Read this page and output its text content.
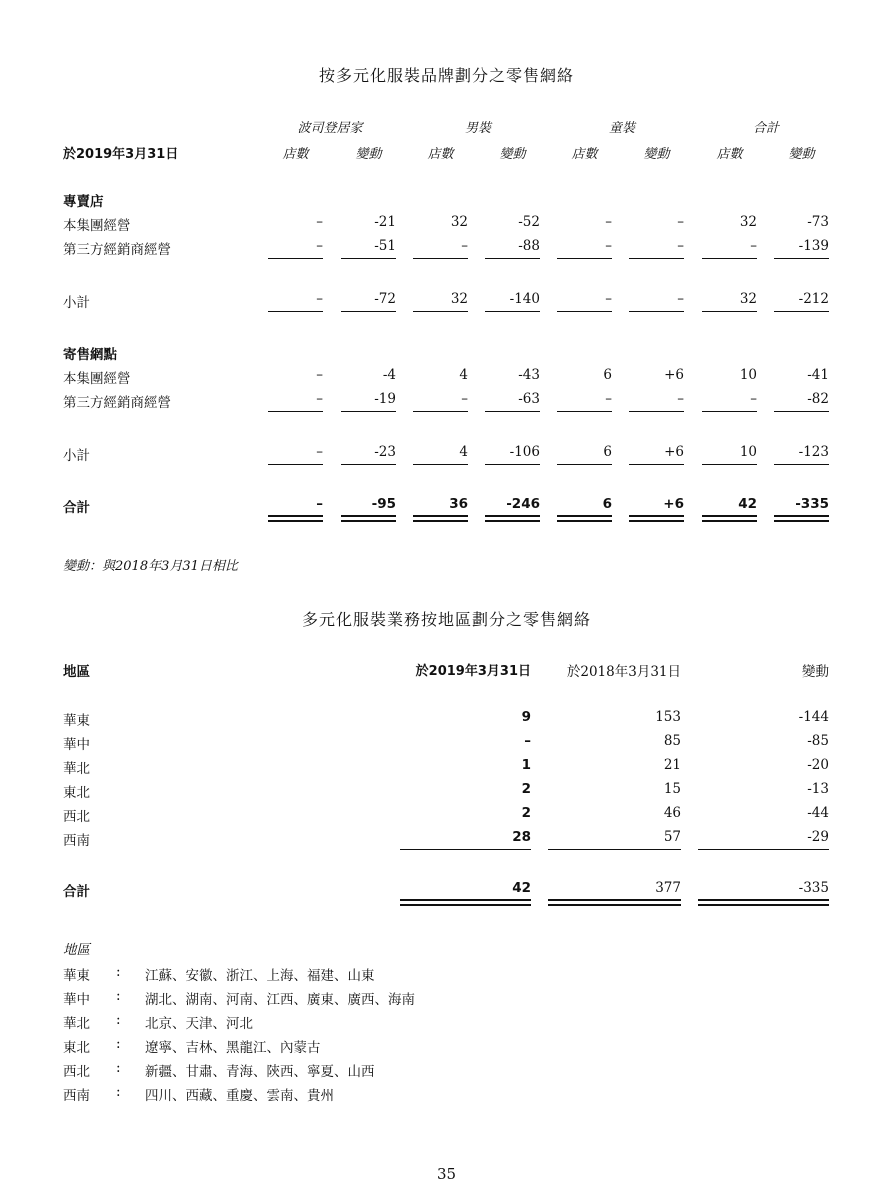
按多元化服裝品牌劃分之零售網絡
波司登居家	男裝	童裝	合計
於2019年3月31日	店數	變動	店數	變動	店數	變動	店數	變動
專賣店
本集團經營	–	-21	32	-52	–	–	32	-73
第三方經銷商經營	–	-51	–	-88	–	–	–	-139
小計	–	-72	32	-140	–	–	32	-212
寄售網點
本集團經營	–	-4	4	-43	6	+6	10	-41
第三方經銷商經營	–	-19	–	-63	–	–	–	-82
小計	–	-23	4	-106	6	+6	10	-123
合計	–	-95	36	-246	6	+6	42	-335
變動：與2018年3月31日相比
多元化服裝業務按地區劃分之零售網絡
地區	於2019年3月31日	於2018年3月31日	變動
華東	9	153	-144
華中	–	85	-85
華北	1	21	-20
東北	2	15	-13
西北	2	46	-44
西南	28	57	-29
合計	42	377	-335
地區
華東 : 江蘇、安徽、浙江、上海、福建、山東
華中 : 湖北、湖南、河南、江西、廣東、廣西、海南
華北 : 北京、天津、河北
東北 : 遼寧、吉林、黑龍江、內蒙古
西北 : 新疆、甘肅、青海、陝西、寧夏、山西
西南 : 四川、西藏、重慶、雲南、貴州
35
